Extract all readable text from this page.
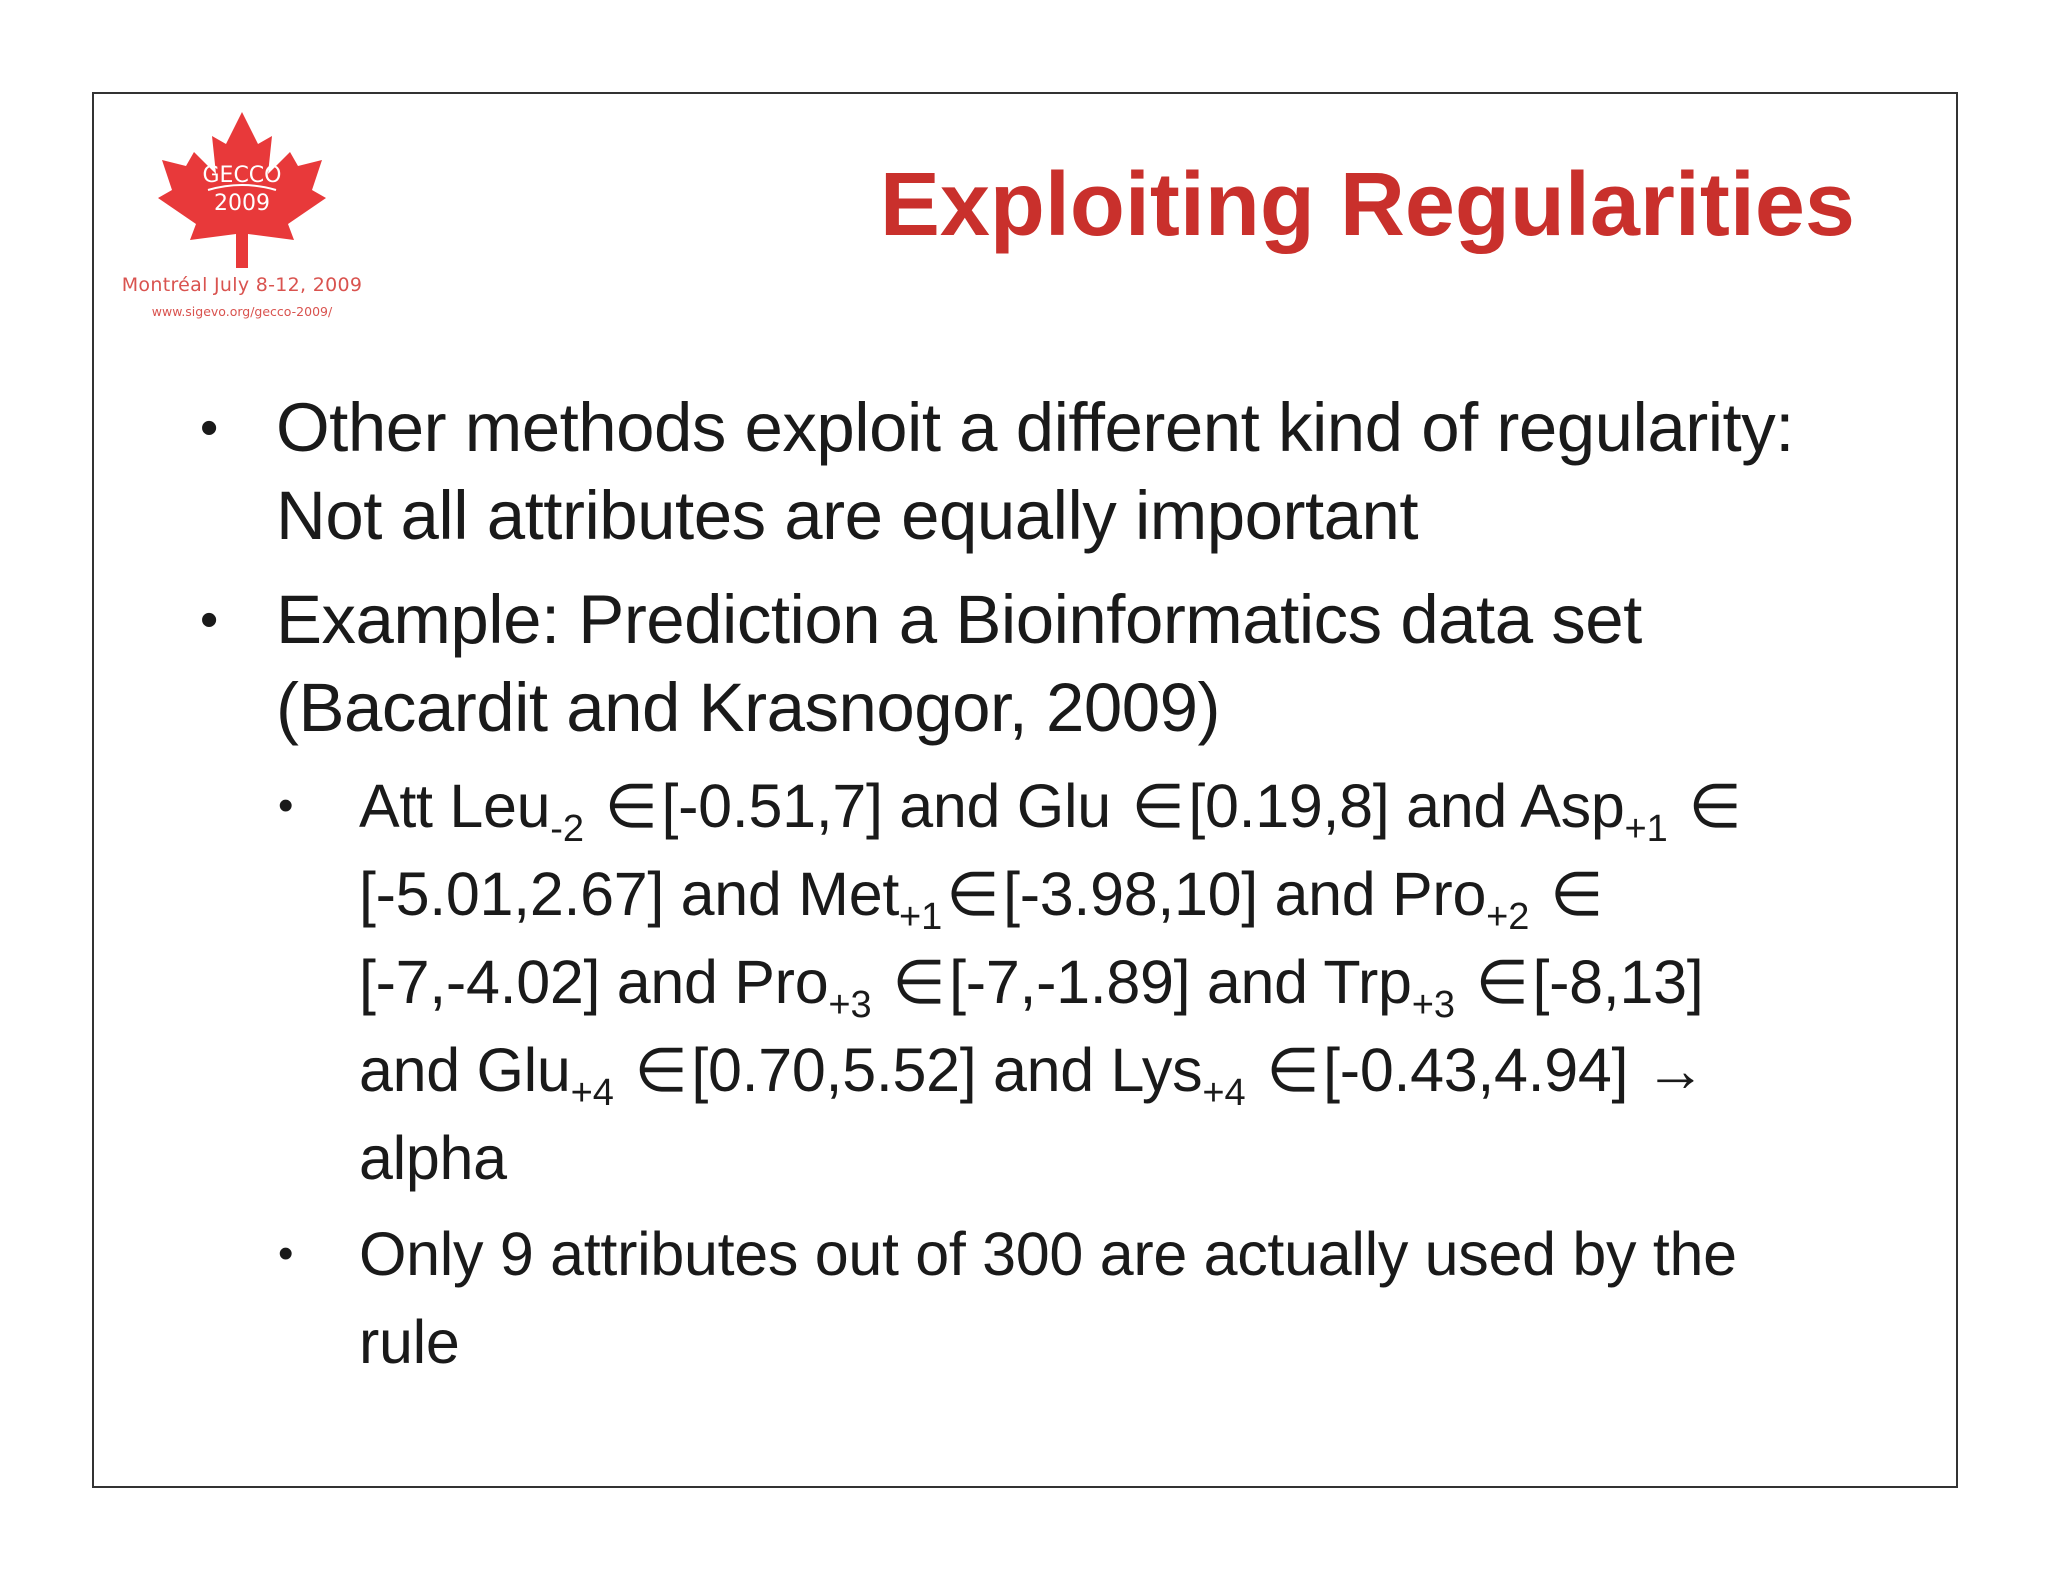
GECCO
2009
Montréal July 8-12, 2009
www.sigevo.org/gecco-2009/
Exploiting Regularities
• Other methods exploit a different kind of regularity:
Not all attributes are equally important
• Example: Prediction a Bioinformatics data set
(Bacardit and Krasnogor, 2009)
• Att Leu$_{-2}$ ∈[-0.51,7] and Glu ∈[0.19,8] and Asp$_{+1}$ ∈
[-5.01,2.67] and Met$_{+1}$∈[-3.98,10] and Pro$_{+2}$ ∈
[-7,-4.02] and Pro$_{+3}$ ∈[-7,-1.89] and Trp$_{+3}$ ∈[-8,13]
and Glu$_{+4}$ ∈[0.70,5.52] and Lys$_{+4}$ ∈[-0.43,4.94] →
alpha
• Only 9 attributes out of 300 are actually used by the
rule
